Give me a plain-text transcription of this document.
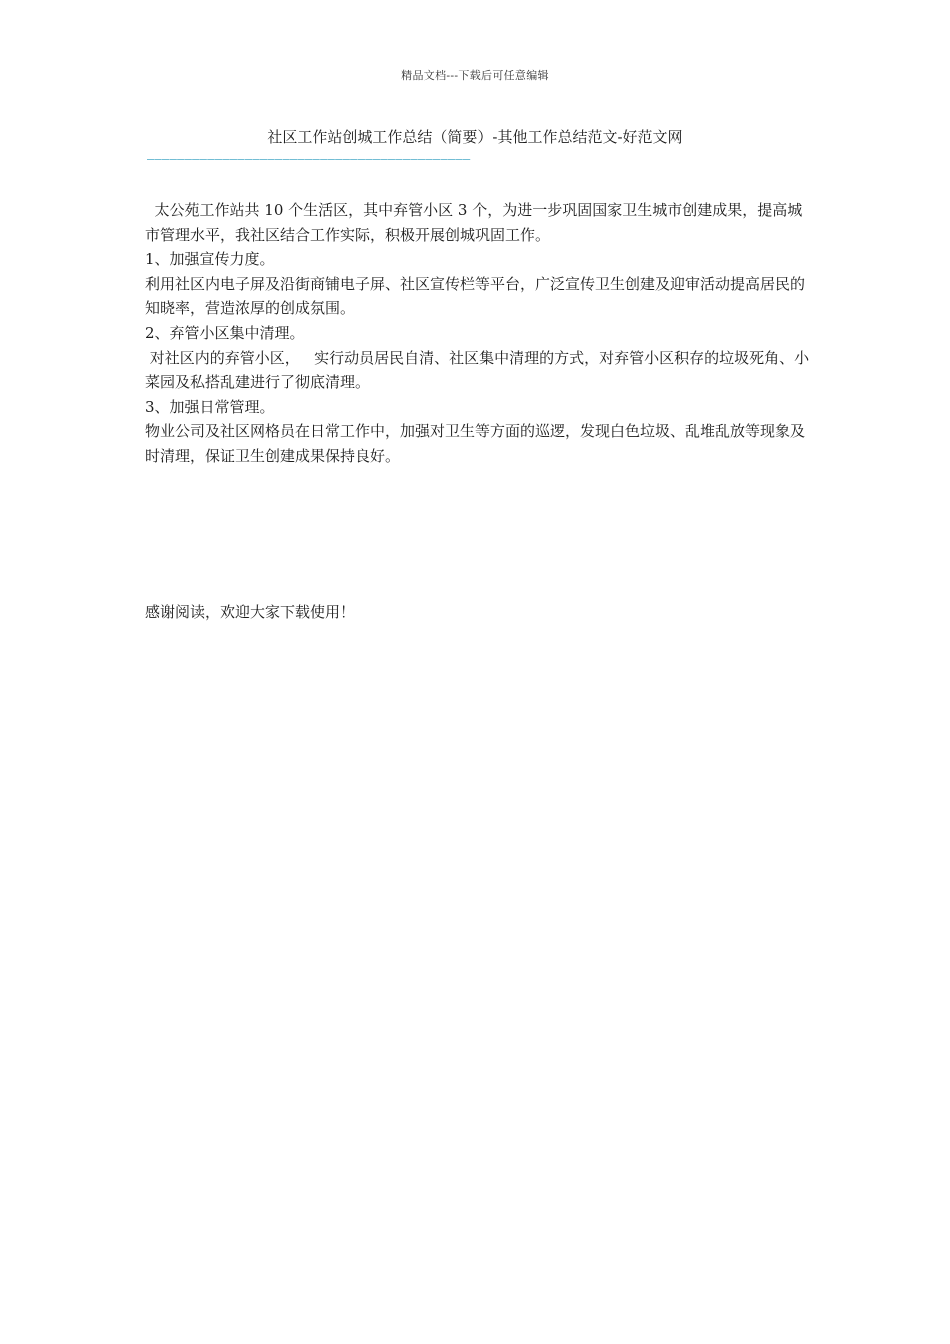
精品文档---下载后可任意编辑
社区工作站创城工作总结（简要）-其他工作总结范文-好范文网
———————————————————————————————————————————

太公苑工作站共 10 个生活区，其中弃管小区 3 个，为进一步巩固国家卫生城市创建成果，提高城市管理水平，我社区结合工作实际，积极开展创城巩固工作。

1、加强宣传力度。

利用社区内电子屏及沿街商铺电子屏、社区宣传栏等平台，广泛宣传卫生创建及迎审活动提高居民的知晓率，营造浓厚的创成氛围。

2、弃管小区集中清理。

对社区内的弃管小区，   实行动员居民自清、社区集中清理的方式，对弃管小区积存的垃圾死角、小菜园及私搭乱建进行了彻底清理。

3、加强日常管理。

物业公司及社区网格员在日常工作中，加强对卫生等方面的巡逻，发现白色垃圾、乱堆乱放等现象及时清理，保证卫生创建成果保持良好。

感谢阅读，欢迎大家下载使用！
